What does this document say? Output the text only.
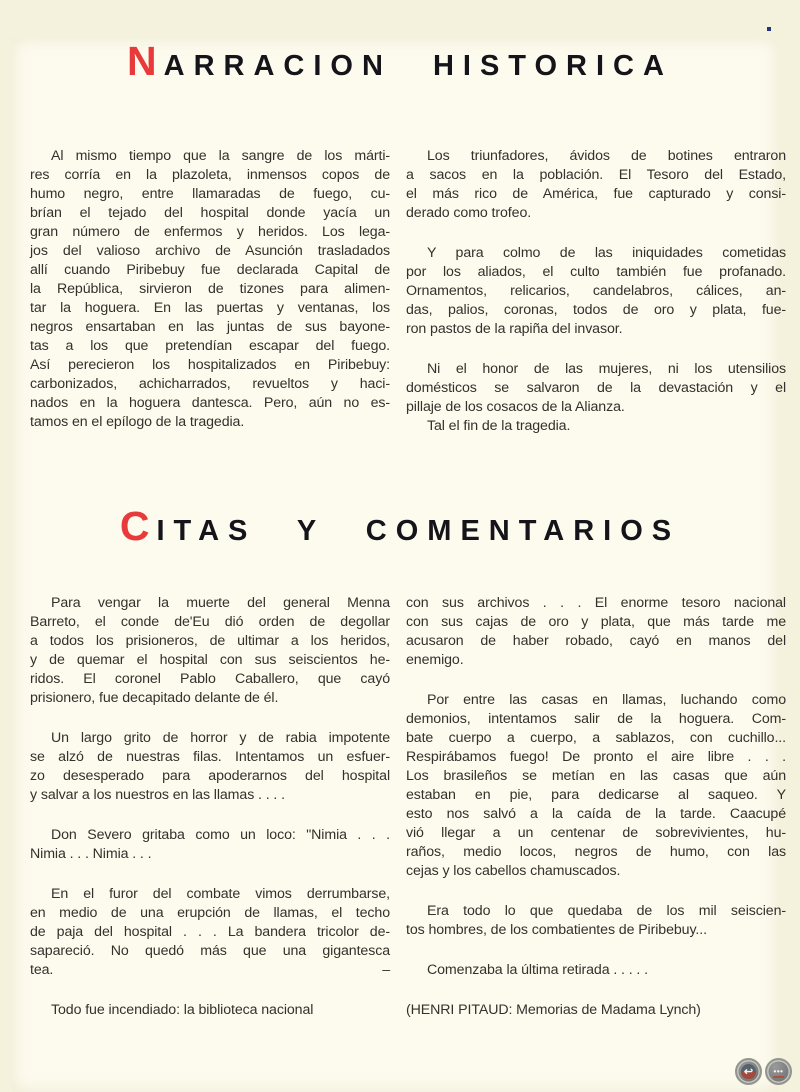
NARRACION HISTORICA
Al mismo tiempo que la sangre de los márti-
res corría en la plazoleta, inmensos copos de
humo negro, entre llamaradas de fuego, cu-
brían el tejado del hospital donde yacía un
gran número de enfermos y heridos. Los lega-
jos del valioso archivo de Asunción trasladados
allí cuando Piribebuy fue declarada Capital de
la República, sirvieron de tizones para alimen-
tar la hoguera. En las puertas y ventanas, los
negros ensartaban en las juntas de sus bayone-
tas a los que pretendían escapar del fuego.
Así perecieron los hospitalizados en Piribebuy:
carbonizados, achicharrados, revueltos y haci-
nados en la hoguera dantesca. Pero, aún no es-
tamos en el epílogo de la tragedia.
Los triunfadores, ávidos de botines entraron
a sacos en la población. El Tesoro del Estado,
el más rico de América, fue capturado y consi-
derado como trofeo.
Y para colmo de las iniquidades cometidas
por los aliados, el culto también fue profanado.
Ornamentos, relicarios, candelabros, cálices, an-
das, palios, coronas, todos de oro y plata, fue-
ron pastos de la rapiña del invasor.
Ni el honor de las mujeres, ni los utensilios
domésticos se salvaron de la devastación y el
pillaje de los cosacos de la Alianza.
Tal el fin de la tragedia.
CITAS Y COMENTARIOS
Para vengar la muerte del general Menna
Barreto, el conde de'Eu dió orden de degollar
a todos los prisioneros, de ultimar a los heridos,
y de quemar el hospital con sus seiscientos he-
ridos. El coronel Pablo Caballero, que cayó
prisionero, fue decapitado delante de él.
Un largo grito de horror y de rabia impotente
se alzó de nuestras filas. Intentamos un esfuer-
zo desesperado para apoderarnos del hospital
y salvar a los nuestros en las llamas . . . .
Don Severo gritaba como un loco: "Nimia . . .
Nimia . . . Nimia . . .
En el furor del combate vimos derrumbarse,
en medio de una erupción de llamas, el techo
de paja del hospital . . . La bandera tricolor de-
sapareció. No quedó más que una gigantesca
tea.	–
Todo fue incendiado: la biblioteca nacional
con sus archivos . . . El enorme tesoro nacional
con sus cajas de oro y plata, que más tarde me
acusaron de haber robado, cayó en manos del
enemigo.
Por entre las casas en llamas, luchando como
demonios, intentamos salir de la hoguera. Com-
bate cuerpo a cuerpo, a sablazos, con cuchillo...
Respirábamos fuego! De pronto el aire libre . . .
Los brasileños se metían en las casas que aún
estaban en pie, para dedicarse al saqueo. Y
esto nos salvó a la caída de la tarde. Caacupé
vió llegar a un centenar de sobrevivientes, hu-
raños, medio locos, negros de humo, con las
cejas y los cabellos chamuscados.
Era todo lo que quedaba de los mil seiscien-
tos hombres, de los combatientes de Piribebuy...
Comenzaba la última retirada . . . . .
(HENRI PITAUD: Memorias de Madama Lynch)
↩	•••
